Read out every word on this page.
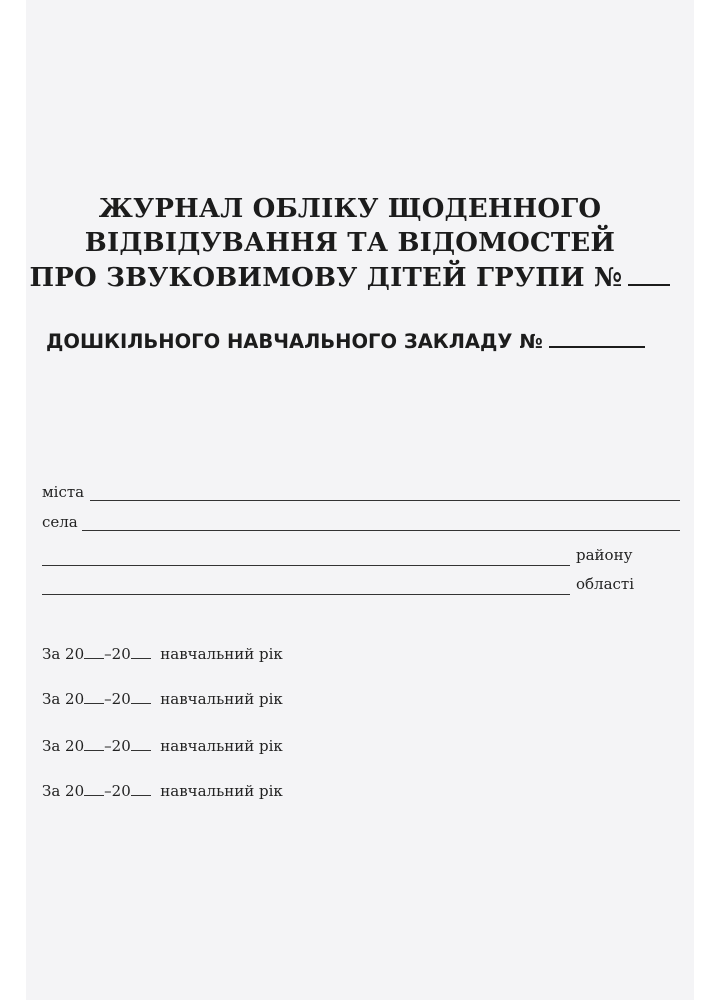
ЖУРНАЛ ОБЛІКУ ЩОДЕННОГО
ВІДВІДУВАННЯ ТА ВІДОМОСТЕЙ
ПРО ЗВУКОВИМОВУ ДІТЕЙ ГРУПИ №
ДОШКІЛЬНОГО НАВЧАЛЬНОГО ЗАКЛАДУ №
міста
села
району
області
За 20 –20 навчальний рік
За 20 –20 навчальний рік
За 20 –20 навчальний рік
За 20 –20 навчальний рік
